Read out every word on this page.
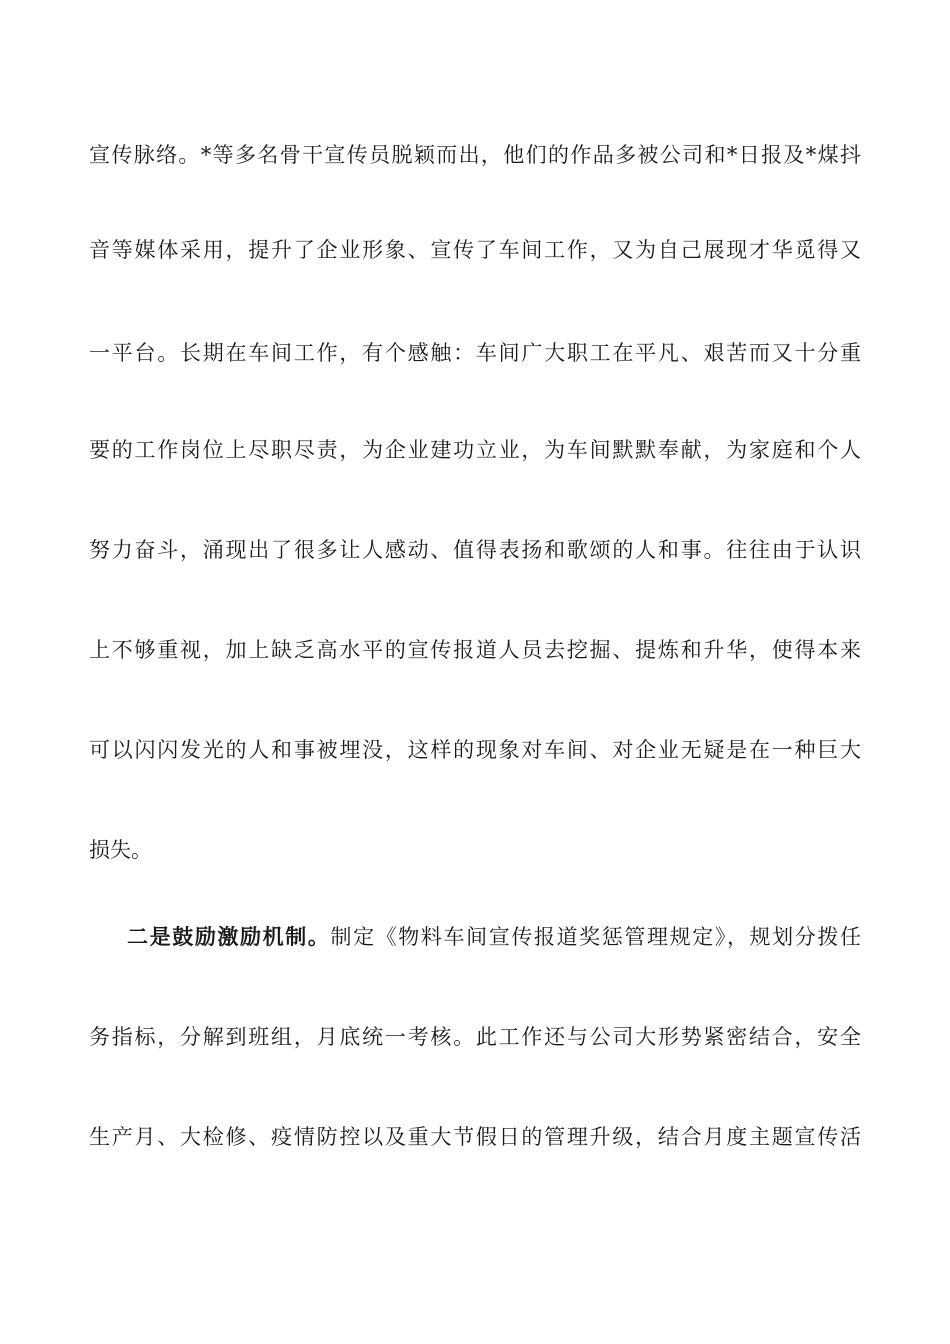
宣传脉络。*等多名骨干宣传员脱颖而出，他们的作品多被公司和*日报及*煤抖
音等媒体采用，提升了企业形象、宣传了车间工作，又为自己展现才华觅得又
一平台。长期在车间工作，有个感触：车间广大职工在平凡、艰苦而又十分重
要的工作岗位上尽职尽责，为企业建功立业，为车间默默奉献，为家庭和个人
努力奋斗，涌现出了很多让人感动、值得表扬和歌颂的人和事。往往由于认识
上不够重视，加上缺乏高水平的宣传报道人员去挖掘、提炼和升华，使得本来
可以闪闪发光的人和事被埋没，这样的现象对车间、对企业无疑是在一种巨大
损失。
二是鼓励激励机制。制定《物料车间宣传报道奖惩管理规定》，规划分拨任
务指标，分解到班组，月底统一考核。此工作还与公司大形势紧密结合，安全
生产月、大检修、疫情防控以及重大节假日的管理升级，结合月度主题宣传活
